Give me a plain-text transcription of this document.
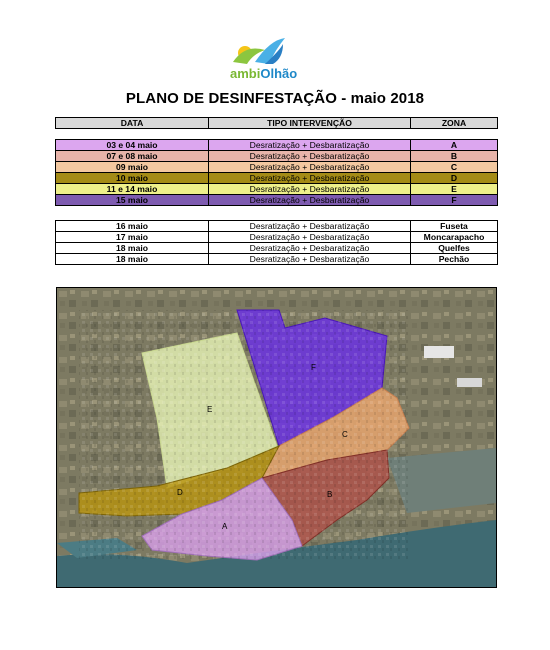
ambiOlhão
PLANO DE DESINFESTAÇÃO - maio 2018
DATA	TIPO INTERVENÇÃO	ZONA
03 e 04 maio	Desratização + Desbaratização	A
07 e 08 maio	Desratização + Desbaratização	B
09 maio	Desratização + Desbaratização	C
10 maio	Desratização + Desbaratização	D
11 e 14 maio	Desratização + Desbaratização	E
15 maio	Desratização + Desbaratização	F
16 maio	Desratização + Desbaratização	Fuseta
17 maio	Desratização + Desbaratização	Moncarapacho
18 maio	Desratização + Desbaratização	Quelfes
18 maio	Desratização + Desbaratização	Pechão
E
F
C
D	B
A
